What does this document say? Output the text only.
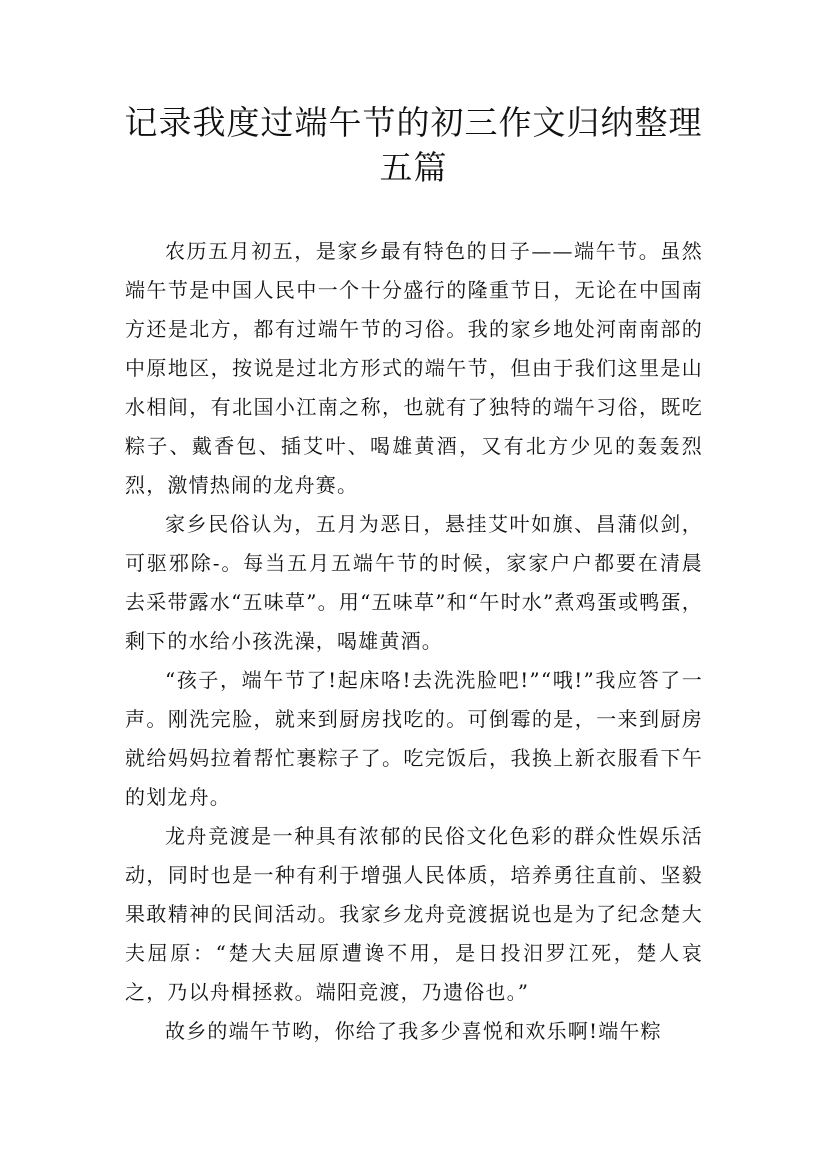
记录我度过端午节的初三作文归纳整理五篇

农历五月初五，是家乡最有特色的日子——端午节。虽然端午节是中国人民中一个十分盛行的隆重节日，无论在中国南方还是北方，都有过端午节的习俗。我的家乡地处河南南部的中原地区，按说是过北方形式的端午节，但由于我们这里是山水相间，有北国小江南之称，也就有了独特的端午习俗，既吃粽子、戴香包、插艾叶、喝雄黄酒，又有北方少见的轰轰烈烈，激情热闹的龙舟赛。

家乡民俗认为，五月为恶日，悬挂艾叶如旗、昌蒲似剑，可驱邪除-。每当五月五端午节的时候，家家户户都要在清晨去采带露水“五味草”。用“五味草”和“午时水”煮鸡蛋或鸭蛋，剩下的水给小孩洗澡，喝雄黄酒。

“孩子，端午节了!起床咯!去洗洗脸吧!”“哦!”我应答了一声。刚洗完脸，就来到厨房找吃的。可倒霉的是，一来到厨房就给妈妈拉着帮忙裹粽子了。吃完饭后，我换上新衣服看下午的划龙舟。

龙舟竞渡是一种具有浓郁的民俗文化色彩的群众性娱乐活动，同时也是一种有利于增强人民体质，培养勇往直前、坚毅果敢精神的民间活动。我家乡龙舟竞渡据说也是为了纪念楚大夫屈原：“楚大夫屈原遭谗不用，是日投汨罗江死，楚人哀之，乃以舟楫拯救。端阳竞渡，乃遗俗也。”

故乡的端午节哟，你给了我多少喜悦和欢乐啊!端午粽
